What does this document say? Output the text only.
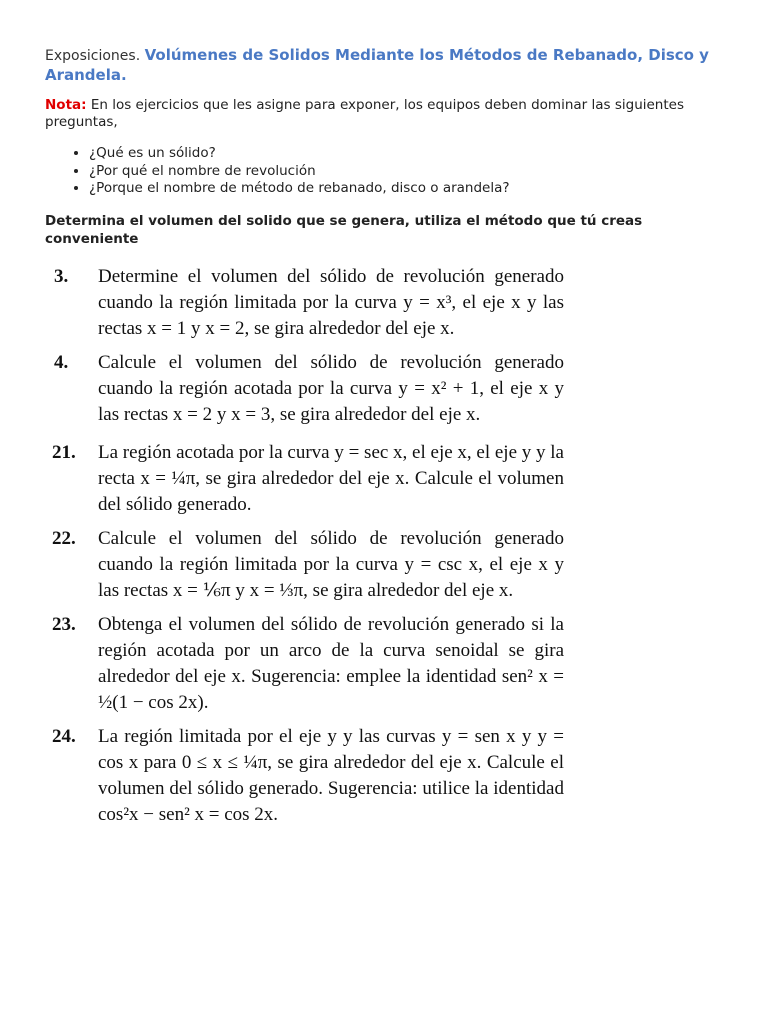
Exposiciones. Volúmenes de Solidos Mediante los Métodos de Rebanado, Disco y Arandela.
Nota: En los ejercicios que les asigne para exponer, los equipos deben dominar las siguientes preguntas,
• ¿Qué es un sólido?
• ¿Por qué el nombre de revolución
• ¿Porque el nombre de método de rebanado, disco o arandela?
Determina el volumen del solido que se genera, utiliza el método que tú creas conveniente
3. Determine el volumen del sólido de revolución generado cuando la región limitada por la curva y = x³, el eje x y las rectas x = 1 y x = 2, se gira alrededor del eje x.
4. Calcule el volumen del sólido de revolución generado cuando la región acotada por la curva y = x² + 1, el eje x y las rectas x = 2 y x = 3, se gira alrededor del eje x.
21. La región acotada por la curva y = sec x, el eje x, el eje y y la recta x = ¼π, se gira alrededor del eje x. Calcule el volumen del sólido generado.
22. Calcule el volumen del sólido de revolución generado cuando la región limitada por la curva y = csc x, el eje x y las rectas x = ⅙π y x = ⅓π, se gira alrededor del eje x.
23. Obtenga el volumen del sólido de revolución generado si la región acotada por un arco de la curva senoidal se gira alrededor del eje x. Sugerencia: emplee la identidad sen² x = ½(1 − cos 2x).
24. La región limitada por el eje y y las curvas y = sen x y y = cos x para 0 ≤ x ≤ ¼π, se gira alrededor del eje x. Calcule el volumen del sólido generado. Sugerencia: utilice la identidad cos²x − sen² x = cos 2x.
